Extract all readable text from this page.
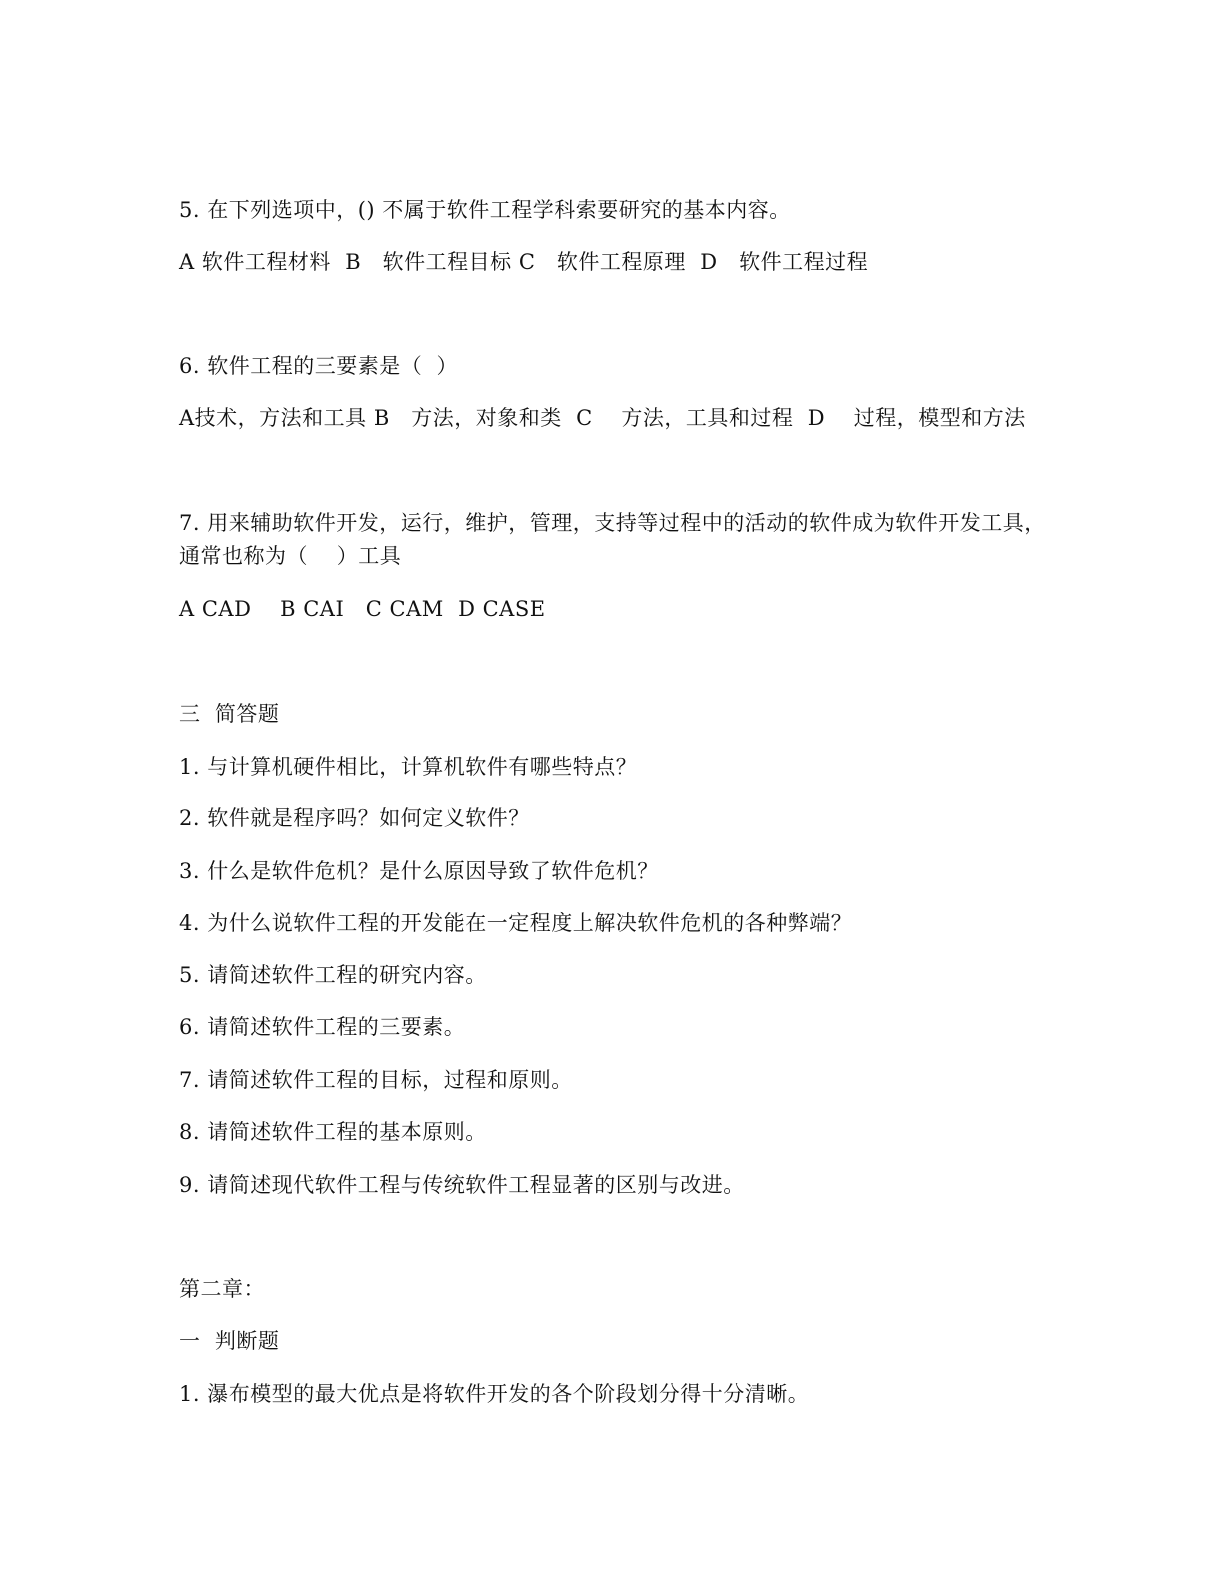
5. 在下列选项中，() 不属于软件工程学科索要研究的基本内容。
A 软件工程材料  B   软件工程目标 C   软件工程原理  D   软件工程过程
6. 软件工程的三要素是（  ）
A技术，方法和工具 B   方法，对象和类  C    方法，工具和过程  D    过程，模型和方法
7. 用来辅助软件开发，运行，维护，管理，支持等过程中的活动的软件成为软件开发工具，
通常也称为（    ）工具
A CAD    B CAI   C CAM  D CASE
三  简答题
1. 与计算机硬件相比，计算机软件有哪些特点？
2. 软件就是程序吗？如何定义软件？
3. 什么是软件危机？是什么原因导致了软件危机？
4. 为什么说软件工程的开发能在一定程度上解决软件危机的各种弊端？
5. 请简述软件工程的研究内容。
6. 请简述软件工程的三要素。
7. 请简述软件工程的目标，过程和原则。
8. 请简述软件工程的基本原则。
9. 请简述现代软件工程与传统软件工程显著的区别与改进。
第二章：
一  判断题
1. 瀑布模型的最大优点是将软件开发的各个阶段划分得十分清晰。
